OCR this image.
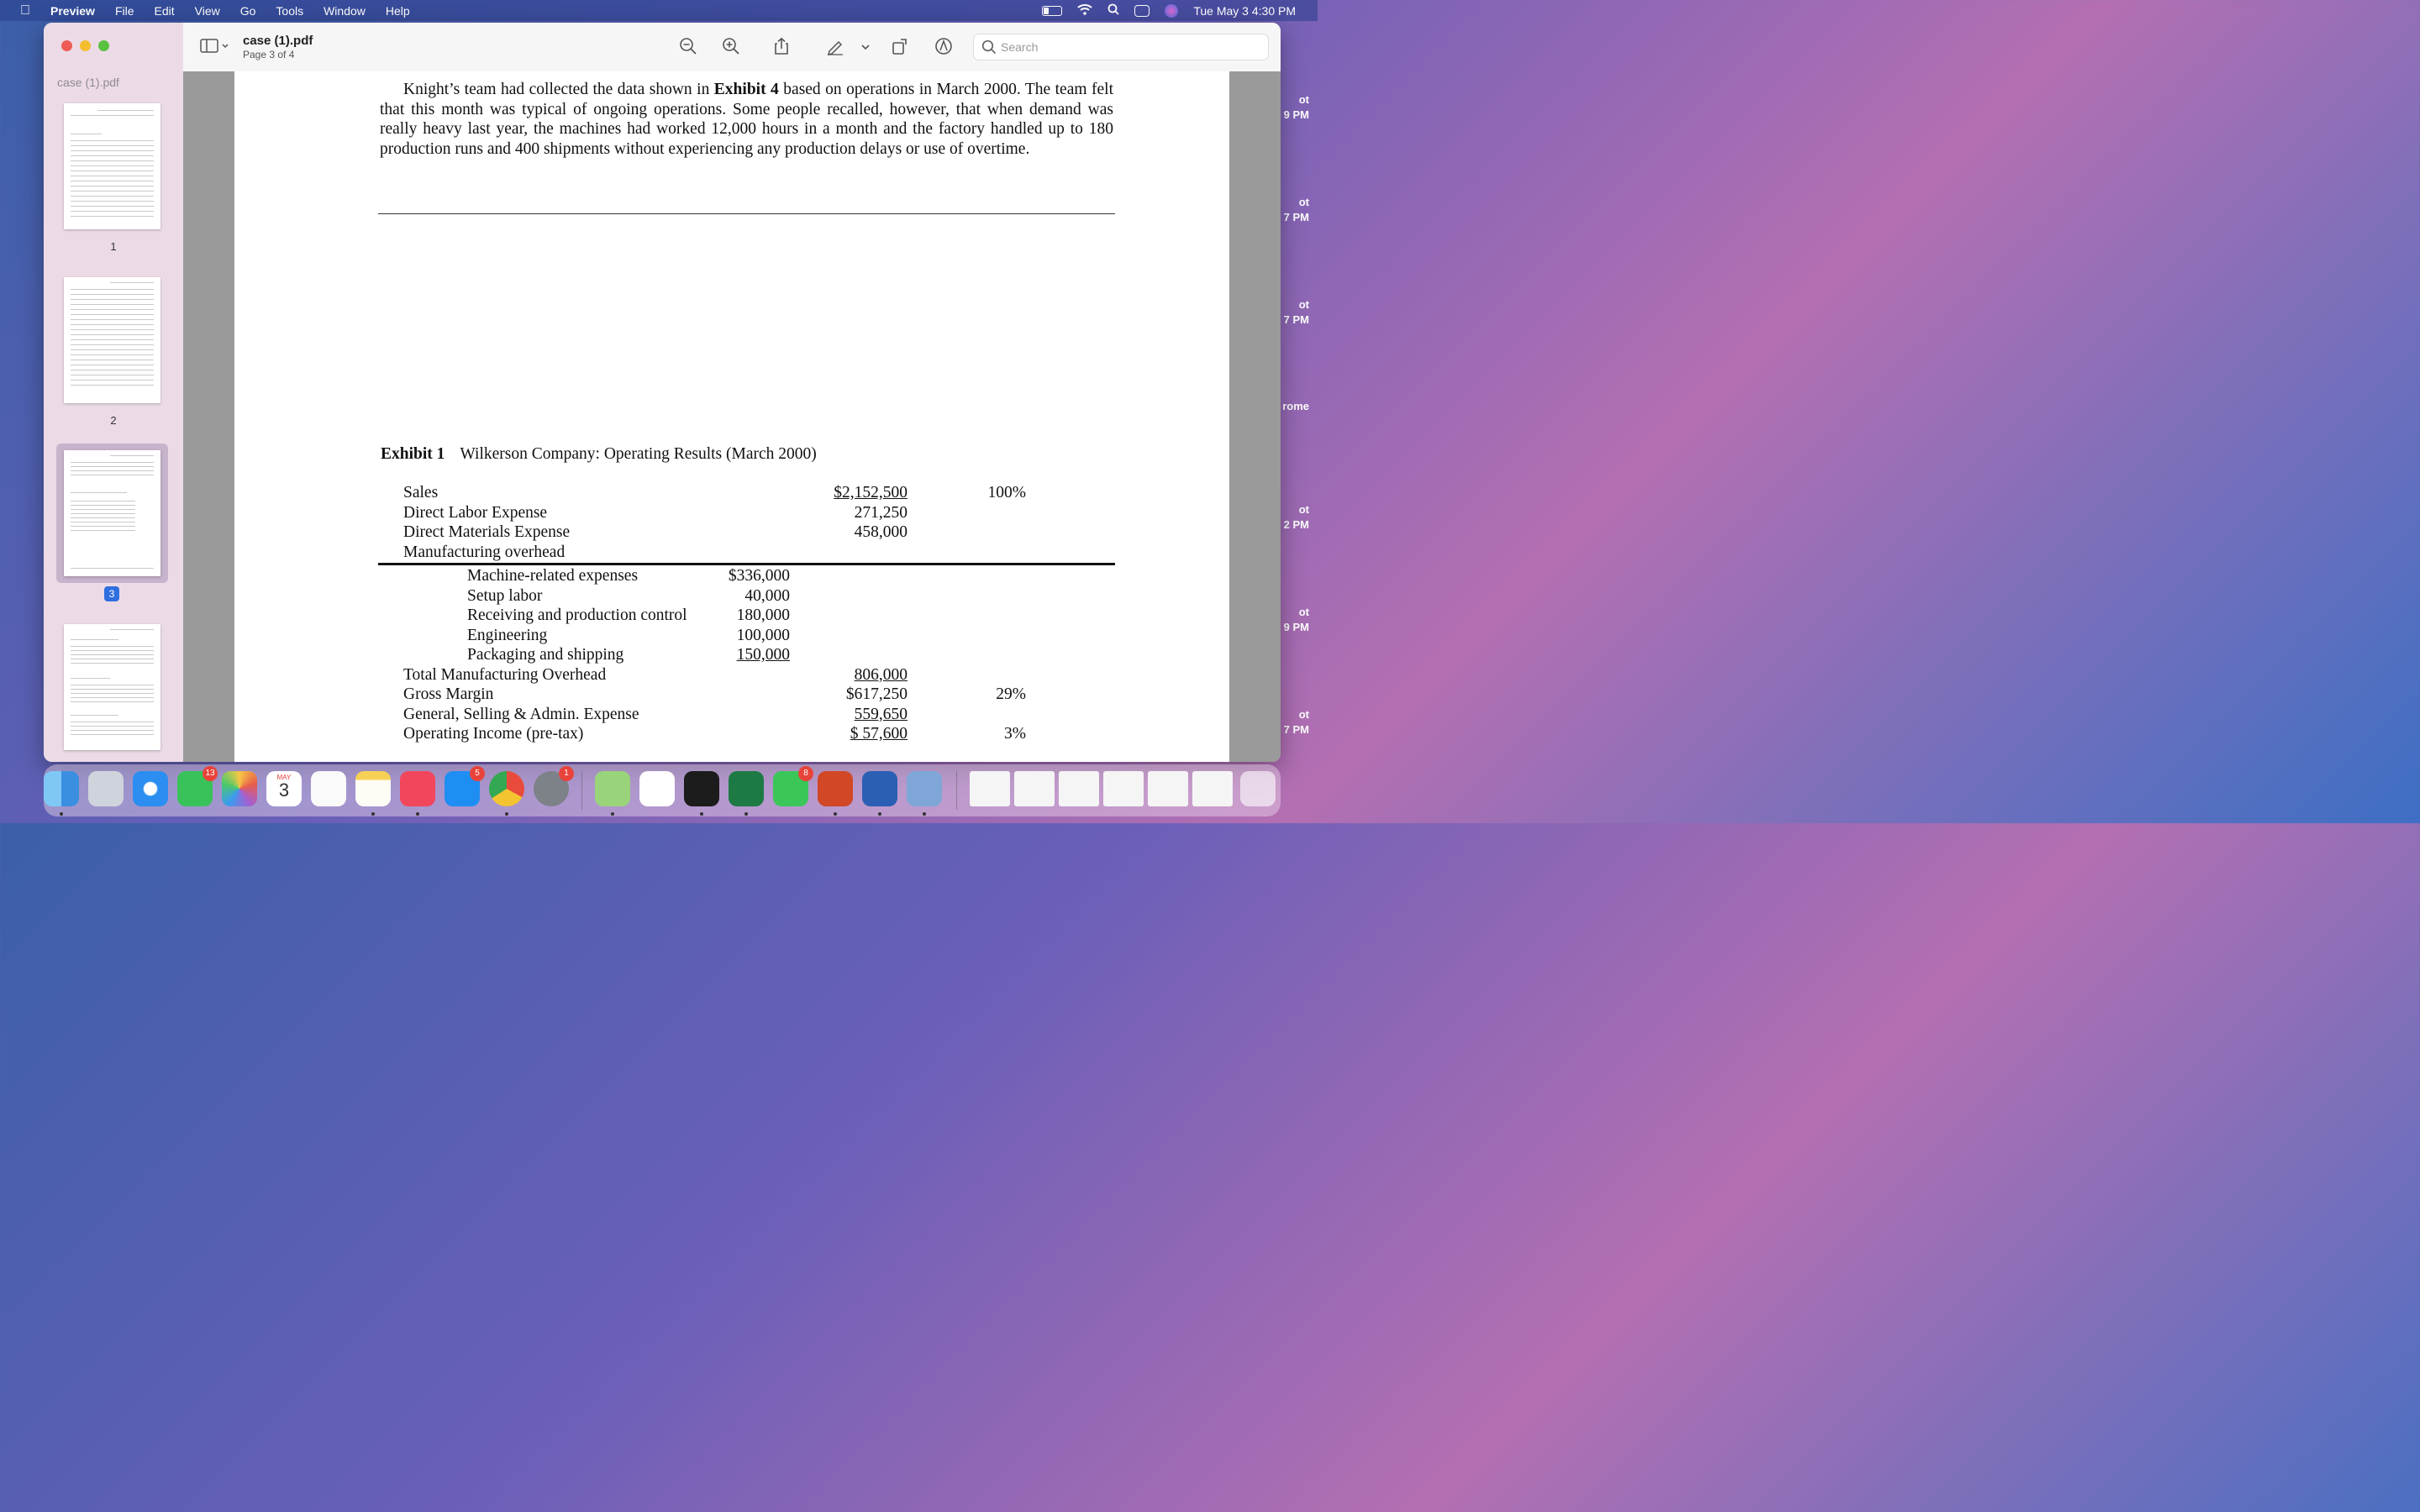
Preview File Edit View Go Tools Window Help	Tue May 3 4:30 PM
ot
9 PM
ot
7 PM
ot
7 PM
rome
ot
2 PM
ot
9 PM
ot
7 PM
case (1).pdf
1
2
3
case (1).pdf
Page 3 of 4
Search
Knight’s team had collected the data shown in Exhibit 4 based on operations in March 2000. The team felt that this month was typical of ongoing operations. Some people recalled, however, that when demand was really heavy last year, the machines had worked 12,000 hours in a month and the factory handled up to 180 production runs and 400 shipments without experiencing any production delays or use of overtime.
Exhibit 1 Wilkerson Company: Operating Results (March 2000)
Sales	$2,152,500	100%
Direct Labor Expense	271,250
Direct Materials Expense	458,000
Manufacturing overhead
Machine-related expenses	$336,000
Setup labor	40,000
Receiving and production control	180,000
Engineering	100,000
Packaging and shipping	150,000
Total Manufacturing Overhead	806,000
Gross Margin	$617,250	29%
General, Selling & Admin. Expense	559,650
Operating Income (pre-tax)	$ 57,600	3%
13	MAY
3
5	1	8
